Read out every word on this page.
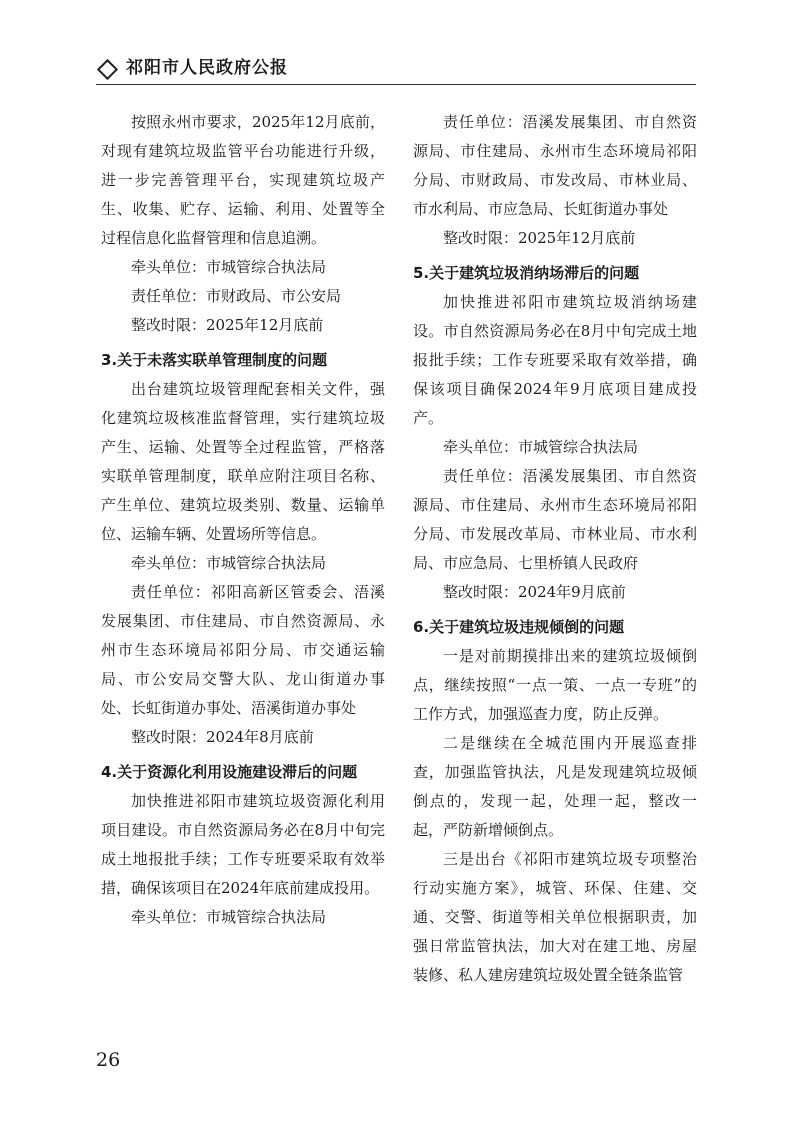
祁阳市人民政府公报

按照永州市要求，2025年12月底前，对现有建筑垃圾监管平台功能进行升级，进一步完善管理平台，实现建筑垃圾产生、收集、贮存、运输、利用、处置等全过程信息化监督管理和信息追溯。

牵头单位：市城管综合执法局

责任单位：市财政局、市公安局

整改时限：2025年12月底前

3.关于未落实联单管理制度的问题

出台建筑垃圾管理配套相关文件，强化建筑垃圾核准监督管理，实行建筑垃圾产生、运输、处置等全过程监管，严格落实联单管理制度，联单应附注项目名称、产生单位、建筑垃圾类别、数量、运输单位、运输车辆、处置场所等信息。

牵头单位：市城管综合执法局

责任单位：祁阳高新区管委会、浯溪发展集团、市住建局、市自然资源局、永州市生态环境局祁阳分局、市交通运输局、市公安局交警大队、龙山街道办事处、长虹街道办事处、浯溪街道办事处

整改时限：2024年8月底前

4.关于资源化利用设施建设滞后的问题

加快推进祁阳市建筑垃圾资源化利用项目建设。市自然资源局务必在8月中旬完成土地报批手续；工作专班要采取有效举措，确保该项目在2024年底前建成投用。

牵头单位：市城管综合执法局

责任单位：浯溪发展集团、市自然资源局、市住建局、永州市生态环境局祁阳分局、市财政局、市发改局、市林业局、市水利局、市应急局、长虹街道办事处

整改时限：2025年12月底前

5.关于建筑垃圾消纳场滞后的问题

加快推进祁阳市建筑垃圾消纳场建设。市自然资源局务必在8月中旬完成土地报批手续；工作专班要采取有效举措，确保该项目确保2024年9月底项目建成投产。

牵头单位：市城管综合执法局

责任单位：浯溪发展集团、市自然资源局、市住建局、永州市生态环境局祁阳分局、市发展改革局、市林业局、市水利局、市应急局、七里桥镇人民政府

整改时限：2024年9月底前

6.关于建筑垃圾违规倾倒的问题

一是对前期摸排出来的建筑垃圾倾倒点，继续按照“一点一策、一点一专班”的工作方式，加强巡查力度，防止反弹。

二是继续在全城范围内开展巡查排查，加强监管执法，凡是发现建筑垃圾倾倒点的，发现一起，处理一起，整改一起，严防新增倾倒点。

三是出台《祁阳市建筑垃圾专项整治行动实施方案》，城管、环保、住建、交通、交警、街道等相关单位根据职责，加强日常监管执法，加大对在建工地、房屋装修、私人建房建筑垃圾处置全链条监管

26
